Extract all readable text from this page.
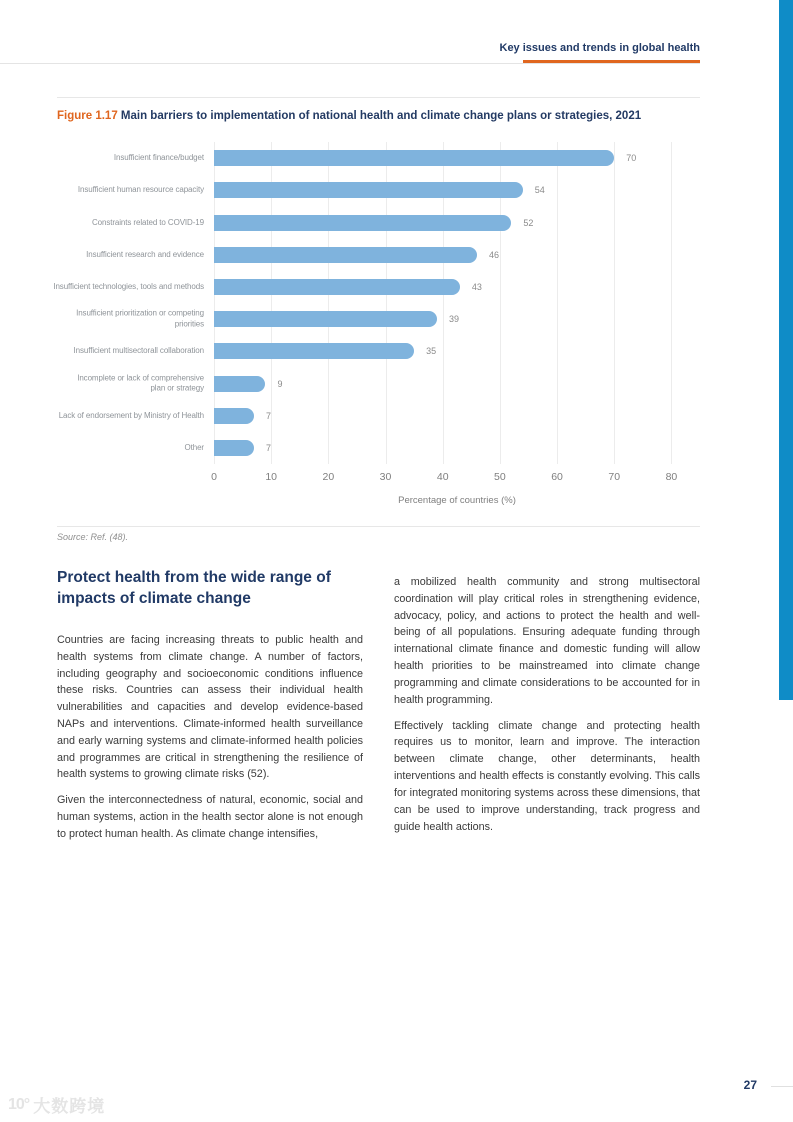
Key issues and trends in global health
Figure 1.17 Main barriers to implementation of national health and climate change plans or strategies, 2021
Insufficient finance/budget	70
Insufficient human resource capacity	54
Constraints related to COVID-19	52
Insufficient research and evidence	46
Insufficient technologies, tools and methods	43
Insufficient prioritization or competing priorities	39
Insufficient multisectorall collaboration	35
Incomplete or lack of comprehensive plan or strategy	9
Lack of endorsement by Ministry of Health	7
Other	7
0	10	20	30	40	50	60	70	80
Percentage of countries (%)
Source: Ref. (48).
Protect health from the wide range of impacts of climate change

Countries are facing increasing threats to public health and health systems from climate change. A number of factors, including geography and socioeconomic conditions influence these risks. Countries can assess their individual health vulnerabilities and capacities and develop evidence-based NAPs and interventions. Climate-informed health surveillance and early warning systems and climate-informed health policies and programmes are critical in strengthening the resilience of health systems to growing climate risks (52).

Given the interconnectedness of natural, economic, social and human systems, action in the health sector alone is not enough to protect human health. As climate change intensifies,

a mobilized health community and strong multisectoral coordination will play critical roles in strengthening evidence, advocacy, policy, and actions to protect the health and well-being of all populations. Ensuring adequate funding through international climate finance and domestic funding will allow health priorities to be mainstreamed into climate change programming and climate considerations to be accounted for in health programming.

Effectively tackling climate change and protecting health requires us to monitor, learn and improve. The interaction between climate change, other determinants, health interventions and health effects is constantly evolving. This calls for integrated monitoring systems across these dimensions, that can be used to improve understanding, track progress and guide health actions.

27
10° 大数跨境
